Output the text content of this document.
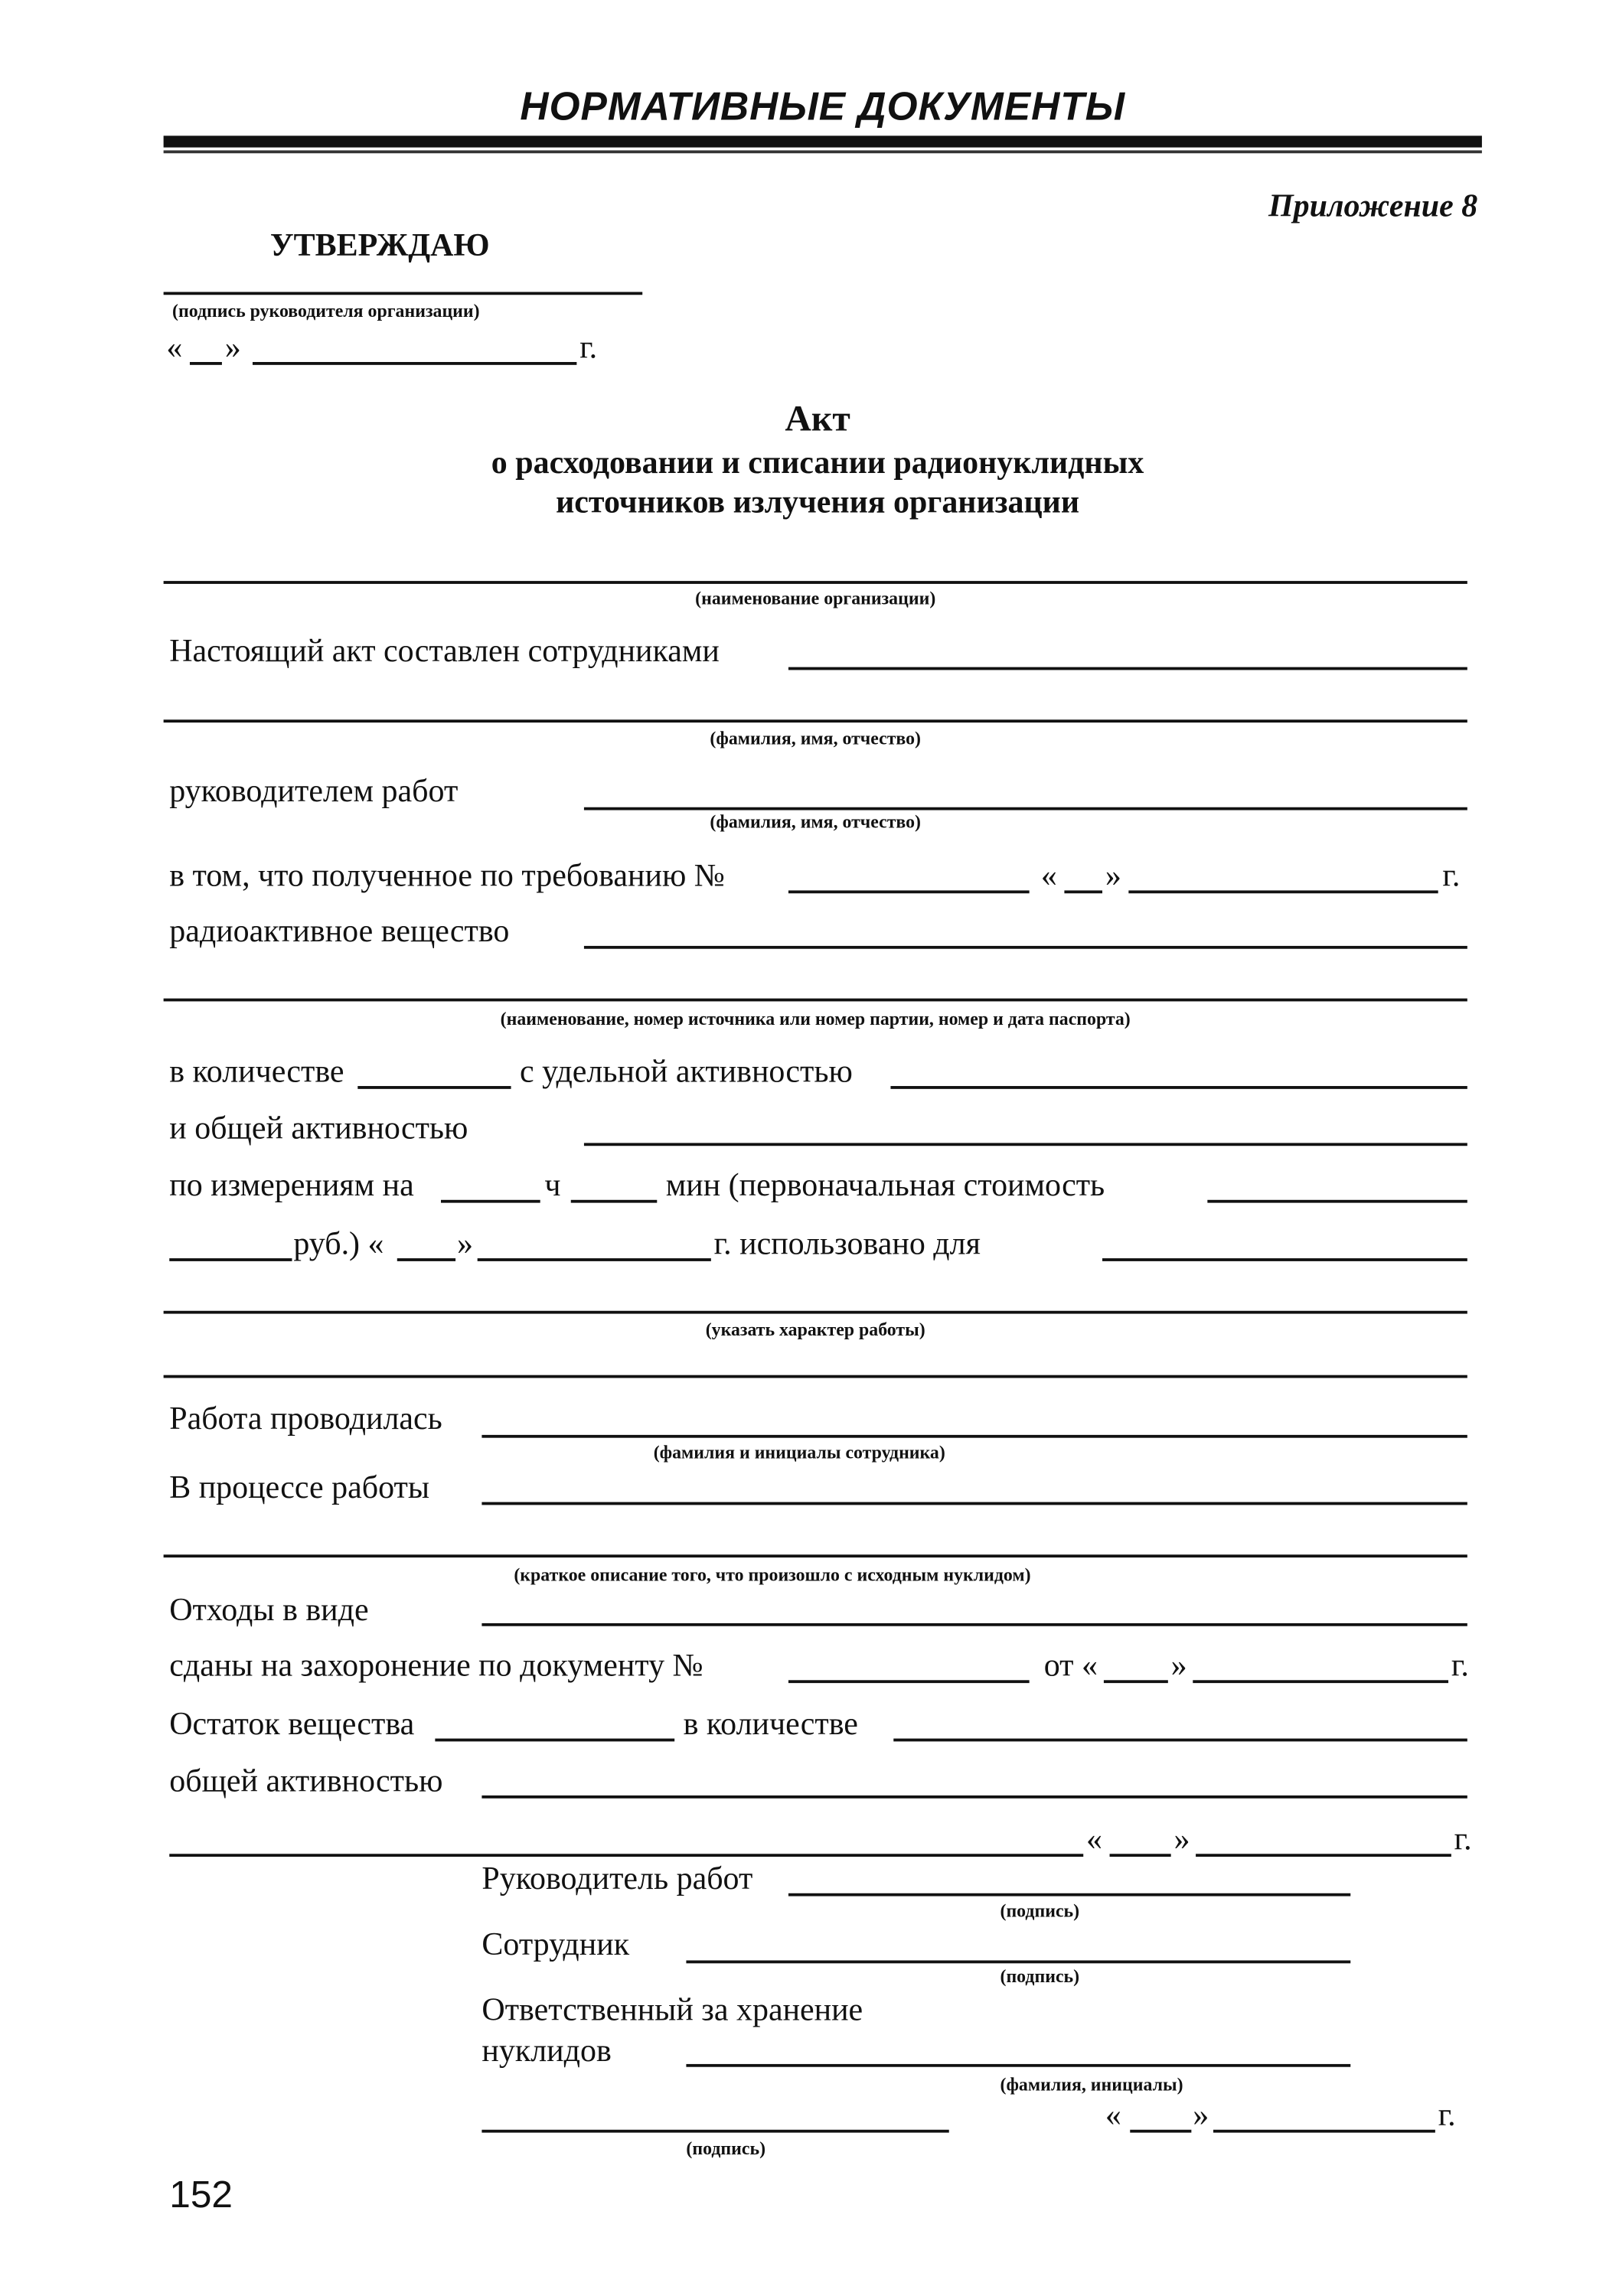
НОРМАТИВНЫЕ ДОКУМЕНТЫ
Приложение 8
УТВЕРЖДАЮ
(подпись руководителя организации)
«	»	г.
Акт
о расходовании и списании радионуклидных
источников излучения организации
(наименование организации)
Настоящий акт составлен сотрудниками
(фамилия, имя, отчество)
руководителем работ
(фамилия, имя, отчество)
в том, что полученное по требованию №	«	»	г.
радиоактивное вещество
(наименование, номер источника или номер партии, номер и дата паспорта)
в количестве	с удельной активностью
и общей активностью
по измерениям на	ч	мин (первоначальная стоимость
руб.) «	»	г. использовано для
(указать характер работы)
Работа проводилась
(фамилия и инициалы сотрудника)
В процессе работы
(краткое описание того, что произошло с исходным нуклидом)
Отходы в виде
сданы на захоронение по документу №	от «	»	г.
Остаток вещества	в количестве
общей активностью
«	»	г.
Руководитель работ
(подпись)
Сотрудник
(подпись)
Ответственный за хранение
нуклидов
(фамилия, инициалы)
(подпись)
«	»	г.
152
